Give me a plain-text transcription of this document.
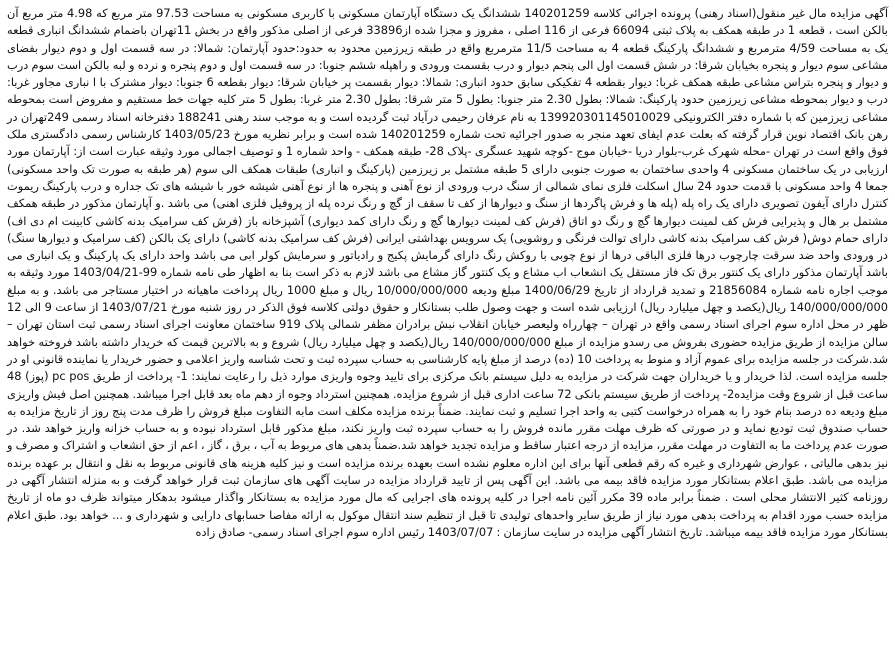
آگهی مزایده مال غیر منقول(اسناد رهنی) پرونده اجرائی کلاسه 140201259 ششدانگ یک دستگاه آپارتمان مسکونی با کاربری مسکونی به مساحت 97.53 متر مربع که 4.98 متر مربع آن بالکن است ، قطعه 1 در طبقه همکف به پلاک ثبتی 66094 فرعی از 116 اصلی ، مفروز و مجزا شده از33896 فرعی از اصلی مذکور واقع در بخش 11تهران باضمام ششدانگ انباری قطعه یک به مساحت 4/59 مترمربع و ششدانگ پارکینگ قطعه 4 به مساحت 11/5 مترمربع واقع در طبقه زیرزمین محدود به حدود:حدود آپارتمان: شمالا: در سه قسمت اول و دوم دیوار بفضای مشاعی سوم دیوار و پنجره بخیابان شرقا: در شش قسمت اول الی پنجم دیوار و درب بقسمت ورودی و راهپله ششم جنوبا: در سه قسمت اول و دوم پنجره و نرده و لبه بالکن است سوم درب و دیوار و پنجره بتراس مشاعی طبقه همکف غربا: دیوار بقطعه 4 تفکیکی سابق حدود انباری: شمالا: دیوار بقسمت پر خیابان شرقا: دیوار بقطعه 6 جنوبا: دیوار مشترک با ا نباری مجاور غربا: درب و دیوار بمحوطه مشاعی زیرزمین حدود پارکینگ: شمالا: بطول 2.30 متر جنوبا: بطول 5 متر شرقا: بطول 2.30 متر غربا: بطول 5 متر کلیه جهات خط مستقیم و مفروض است بمحوطه مشاعی زیرزمین که با شماره دفتر الکترونیکی 139920301145010029 به نام عرفان رحیمی درآیاد ثبت گردیده است و به موجب سند رهنی 188241 دفترخانه اسناد رسمی 249تهران در رهن بانک اقتصاد نوین قرار گرفته که بعلت عدم ایفای تعهد منجر به صدور اجرائیه تحت شماره 140201259 شده است و برابر نظریه مورخ 1403/05/23 کارشناس رسمی دادگستری ملک فوق واقع است در تهران -محله شهرک غرب-بلوار دریا -خیابان موج -کوچه شهید عسگری -پلاک 28- طبقه همکف - واحد شماره 1 و توصیف اجمالی مورد وثیقه عبارت است از: آپارتمان مورد ارزیابی در یک ساختمان مسکونی 4 واحدی ساختمان به صورت جنوبی دارای 5 طبقه مشتمل بر زیرزمین (پارکینگ و انباری) طبقات همکف الی سوم (هر طبقه به صورت تک واحد مسکونی) جمعا 4 واحد مسکونی با قدمت حدود 24 سال اسکلت فلزی نمای شمالی از سنگ درب ورودی از نوع آهنی و پنجره ها از نوع آهنی شیشه خور با شیشه های تک جداره و درب پارکینگ ریموت کنترل دارای آیفون تصویری دارای یک راه پله (پله ها و فرش پاگردها از سنگ و دیوارها از کف تا سقف از گچ و رنگ نرده پله از پروفیل فلزی اهنی) می باشد .و آپارتمان مذکور در طبقه همکف مشتمل بر هال و پذیرایی فرش کف لمینت دیوارها گچ و رنگ دو اتاق (فرش کف لمینت دیوارها گچ و رنگ دارای کمد دیواری) آشپزخانه باز (فرش کف سرامیک بدنه کاشی کابینت ام دی اف) دارای حمام دوش( فرش کف سرامیک بدنه کاشی دارای توالت فرنگی و روشویی) یک سرویس بهداشتی ایرانی (فرش کف سرامیک بدنه کاشی) دارای یک بالکن (کف سرامیک و دیوارها سنگ) در ورودی واحد ضد سرقت چارچوب درها فلزی الباقی درها از نوع چوبی با روکش رنگ دارای گرمایش پکیج و رادیاتور و سرمایش کولر ابی می باشد واحد دارای یک پارکینگ و یک انباری می باشد آپارتمان مذکور دارای یک کنتور برق تک فاز مستقل یک انشعاب اب مشاع و یک کنتور گاز مشاع می باشد لازم به ذکر است بنا به اظهار طی نامه شماره 99-1403/04/21 مورد وثیقه به موجب اجاره نامه شماره 21856084 و تمدید قرارداد از تاریخ 1400/06/29 مبلغ ودیعه 10/000/000/000 ریال و مبلغ 1000 ریال پرداخت ماهیانه در اختیار مستاجر می باشد. و به مبلغ 140/000/000/000 ریال(یکصد و چهل میلیارد ریال) ارزیابی شده است و جهت وصول طلب بستانکار و حقوق دولتی کلاسه فوق الذکر در روز شنبه مورخ 1403/07/21 از ساعت 9 الی 12 ظهر در محل اداره سوم اجرای اسناد رسمی واقع در تهران – چهارراه ولیعصر خیابان انقلاب نبش برادران مظفر شمالی پلاک 919 ساختمان معاونت اجرای اسناد رسمی ثبت استان تهران – سالن مزایده از طریق مزایده حضوری بفروش می رسدو مزایده از مبلغ 140/000/000/000 ریال(یکصد و چهل میلیارد ریال) شروع و به بالاترین قیمت که خریدار داشته باشد فروخته خواهد شد.شرکت در جلسه مزایده برای عموم آزاد و منوط به پرداخت 10 (ده) درصد از مبلغ پایه کارشناسی به حساب سپرده ثبت و تحت شناسه واریز اعلامی و حضور خریدار یا نماینده قانونی او در جلسه مزایده است. لذا خریدار و یا خریداران جهت شرکت در مزایده به دلیل سیستم بانک مرکزی برای تایید وجوه واریزی موارد ذیل را رعایت نمایند: 1- پرداخت از طریق pc pos (پوز) 48 ساعت قبل از شروع وقت مزایده2- پرداخت از طریق سیستم بانکی 72 ساعت اداری قبل از شروع مزایده. همچنین استرداد وجوه از دهم ماه بعد قابل اجرا میباشد. همچنین اصل فیش واریزی مبلغ ودیعه ده درصد بنام خود را به همراه درخواست کتبی به واحد اجرا تسلیم و ثبت نمایند. ضمناً برنده مزایده مکلف است مابه التفاوت مبلغ فروش را ظرف مدت پنج روز از تاریخ مزایده به حساب صندوق ثبت تودیع نماید و در صورتی که ظرف مهلت مقرر مانده فروش را به حساب سپرده ثبت واریز نکند، مبلغ مذکور قابل استرداد نبوده و به حساب خزانه واریز خواهد شد. در صورت عدم پرداخت ما به التفاوت در مهلت مقرر، مزایده از درجه اعتبار ساقط و مزایده تجدید خواهد شد.ضمناً بدهی های مربوط به آب ، برق ، گاز ، اعم از حق انشعاب و اشتراک و مصرف و نیز بدهی مالیاتی ، عوارض شهرداری و غیره که رقم قطعی آنها برای این اداره معلوم نشده است بعهده برنده مزایده است و نیز کلیه هزینه های قانونی مربوط به نقل و انتقال بر عهده برنده مزایده می باشد. طبق اعلام بستانکار مورد مزایده فاقد بیمه می باشد. این آگهی پس از تایید قرارداد مزایده در سایت آگهی های سازمان ثبت قرار خواهد گرفت و به منزله انتشار آگهی در روزنامه کثیر الانتشار محلی است . ضمناً برابر ماده 39 مکرر آئین نامه اجرا در کلیه پرونده های اجرایی که مال مورد مزایده به بستانکار واگذار میشود بدهکار میتواند ظرف دو ماه از تاریخ مزایده حسب مورد اقدام به پرداخت بدهی مورد نیاز از طریق سایر واحدهای تولیدی تا قبل از تنظیم سند انتقال موکول به ارائه مفاصا حسابهای دارایی و شهرداری و ... خواهد بود. طبق اعلام بستانکار مورد مزایده فاقد بیمه میباشد. تاریخ انتشار آگهی مزایده در سایت سازمان : 1403/07/07 رئیس اداره سوم اجرای اسناد رسمی- صادق زاده
